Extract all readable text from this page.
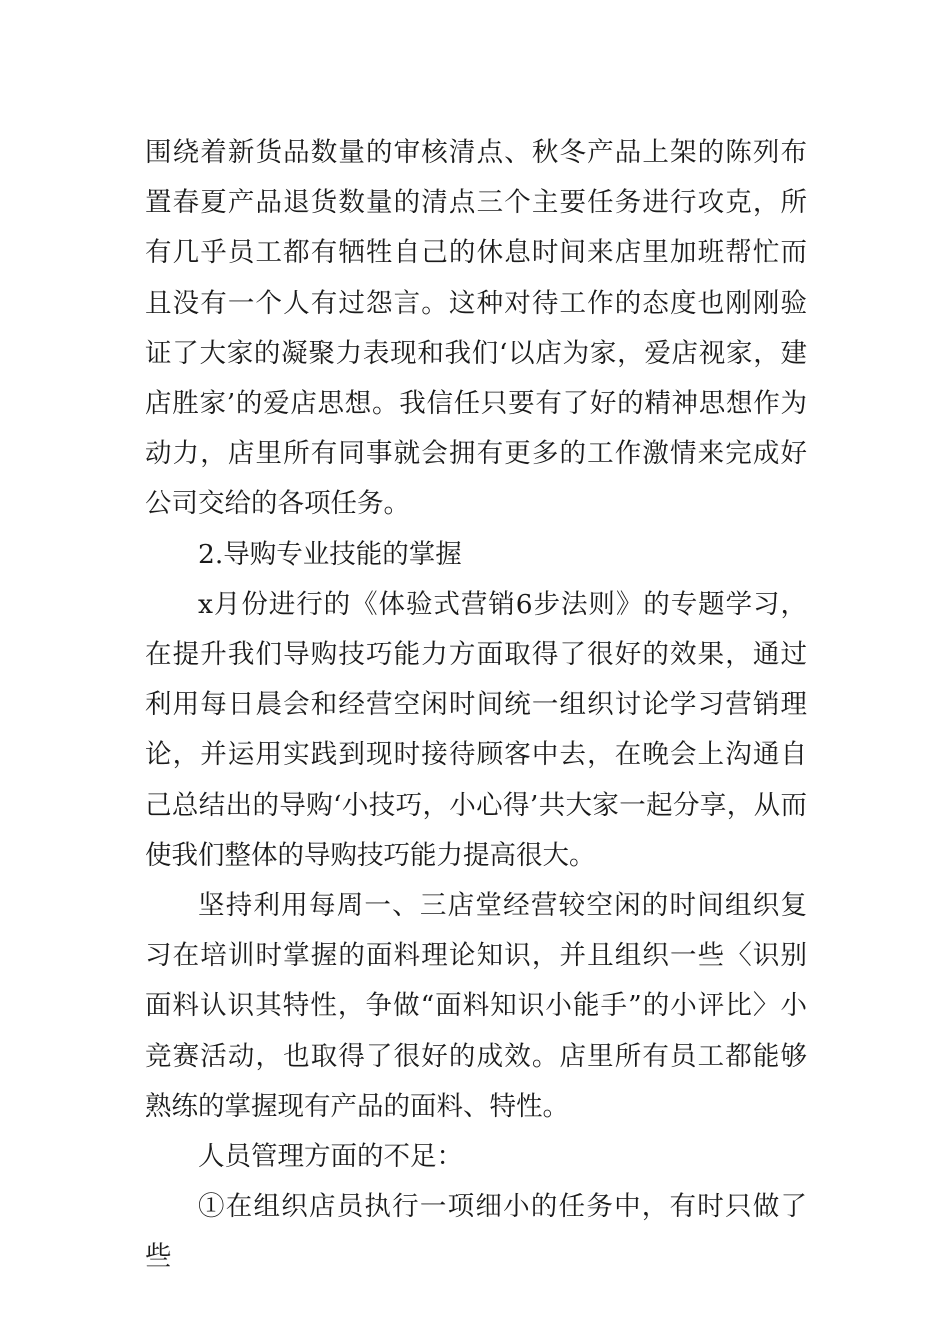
围绕着新货品数量的审核清点、秋冬产品上架的陈列布置春夏产品退货数量的清点三个主要任务进行攻克，所有几乎员工都有牺牲自己的休息时间来店里加班帮忙而且没有一个人有过怨言。这种对待工作的态度也刚刚验证了大家的凝聚力表现和我们‘以店为家，爱店视家，建店胜家’的爱店思想。我信任只要有了好的精神思想作为动力，店里所有同事就会拥有更多的工作激情来完成好公司交给的各项任务。

2.导购专业技能的掌握

x月份进行的《体验式营销6步法则》的专题学习，在提升我们导购技巧能力方面取得了很好的效果，通过利用每日晨会和经营空闲时间统一组织讨论学习营销理论，并运用实践到现时接待顾客中去，在晚会上沟通自己总结出的导购‘小技巧，小心得’共大家一起分享，从而使我们整体的导购技巧能力提高很大。

坚持利用每周一、三店堂经营较空闲的时间组织复习在培训时掌握的面料理论知识，并且组织一些〈识别面料认识其特性，争做“面料知识小能手”的小评比〉小竞赛活动，也取得了很好的成效。店里所有员工都能够熟练的掌握现有产品的面料、特性。

人员管理方面的不足：

①在组织店员执行一项细小的任务中，有时只做了些
